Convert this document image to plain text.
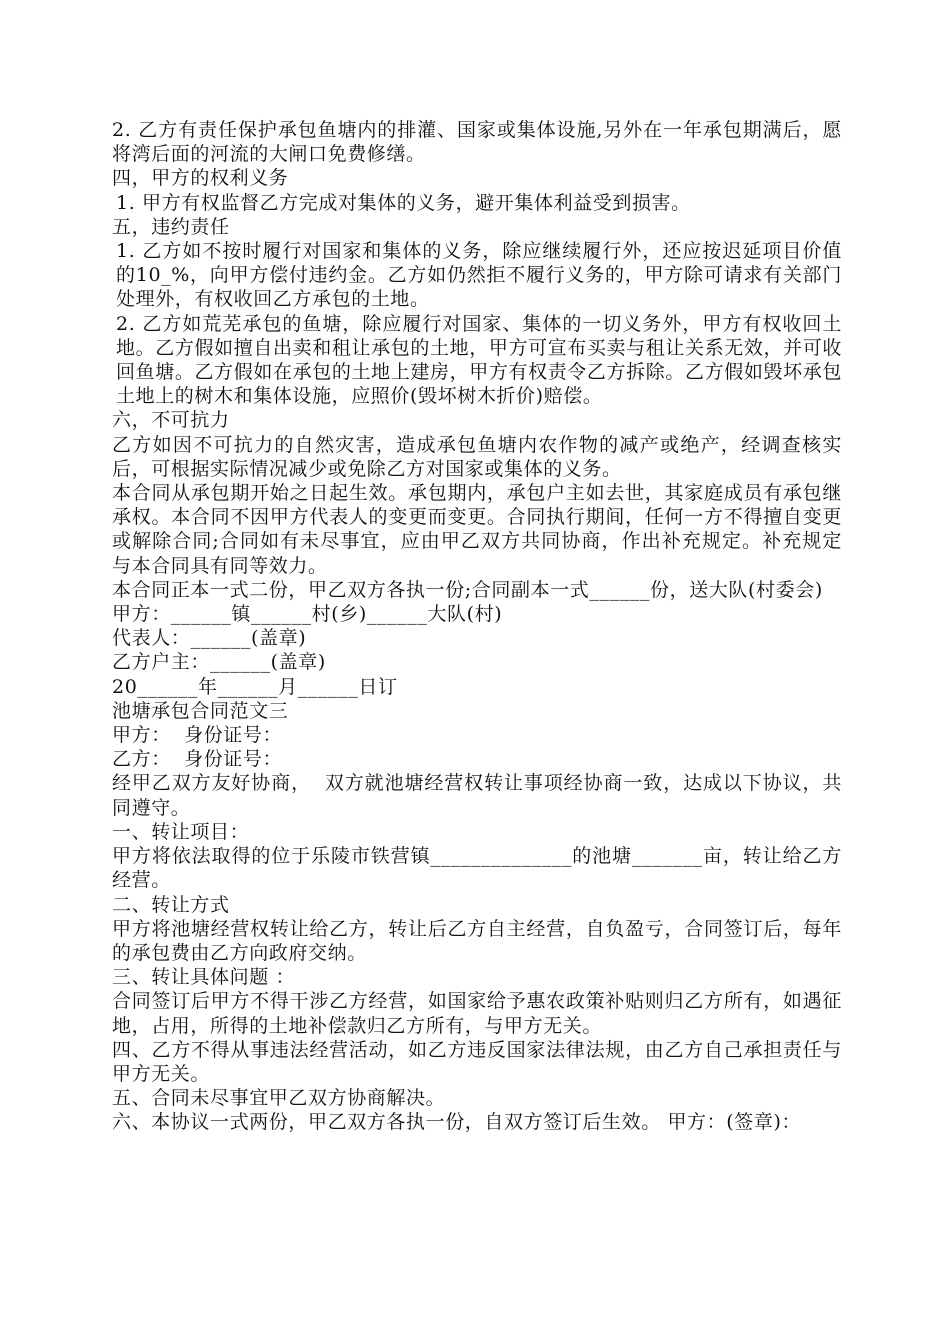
2. 乙方有责任保护承包鱼塘内的排灌、国家或集体设施,另外在一年承包期满后，愿将湾后面的河流的大闸口免费修缮。

四，甲方的权利义务

1. 甲方有权监督乙方完成对集体的义务，避开集体利益受到损害。

五，违约责任

1. 乙方如不按时履行对国家和集体的义务，除应继续履行外，还应按迟延项目价值的10_%，向甲方偿付违约金。乙方如仍然拒不履行义务的，甲方除可请求有关部门处理外，有权收回乙方承包的土地。

2. 乙方如荒芜承包的鱼塘，除应履行对国家、集体的一切义务外，甲方有权收回土地。乙方假如擅自出卖和租让承包的土地，甲方可宣布买卖与租让关系无效，并可收回鱼塘。乙方假如在承包的土地上建房，甲方有权责令乙方拆除。乙方假如毁坏承包土地上的树木和集体设施，应照价(毁坏树木折价)赔偿。

六，不可抗力

乙方如因不可抗力的自然灾害，造成承包鱼塘内农作物的减产或绝产，经调查核实后，可根据实际情况减少或免除乙方对国家或集体的义务。

本合同从承包期开始之日起生效。承包期内，承包户主如去世，其家庭成员有承包继承权。本合同不因甲方代表人的变更而变更。合同执行期间，任何一方不得擅自变更或解除合同;合同如有未尽事宜，应由甲乙双方共同协商，作出补充规定。补充规定与本合同具有同等效力。

本合同正本一式二份，甲乙双方各执一份;合同副本一式______份，送大队(村委会)

甲方：______镇______村(乡)______大队(村)

代表人：______(盖章)

乙方户主：______(盖章)

20______年______月______日订

池塘承包合同范文三

甲方：  身份证号：

乙方：  身份证号：

经甲乙双方友好协商，  双方就池塘经营权转让事项经协商一致，达成以下协议，共同遵守。

一、转让项目：

甲方将依法取得的位于乐陵市铁营镇______________的池塘_______亩，转让给乙方经营。

二、转让方式

甲方将池塘经营权转让给乙方，转让后乙方自主经营，自负盈亏，合同签订后，每年的承包费由乙方向政府交纳。

三、转让具体问题 ：

合同签订后甲方不得干涉乙方经营，如国家给予惠农政策补贴则归乙方所有，如遇征地，占用，所得的土地补偿款归乙方所有，与甲方无关。

四、乙方不得从事违法经营活动，如乙方违反国家法律法规，由乙方自己承担责任与甲方无关。

五、合同未尽事宜甲乙双方协商解决。

六、本协议一式两份，甲乙双方各执一份，自双方签订后生效。 甲方：(签章)：
